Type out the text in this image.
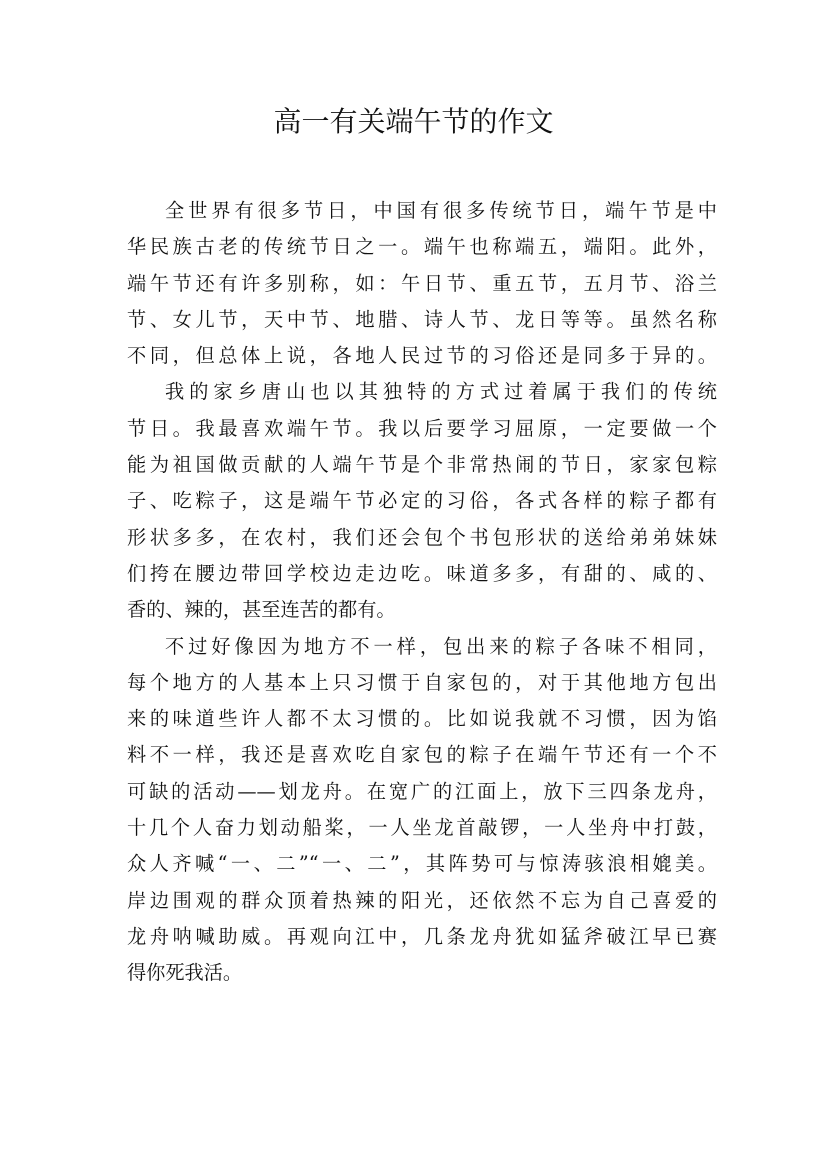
高一有关端午节的作文
全世界有很多节日，中国有很多传统节日，端午节是中
华民族古老的传统节日之一。端午也称端五，端阳。此外，
端午节还有许多别称，如：午日节、重五节，五月节、浴兰
节、女儿节，天中节、地腊、诗人节、龙日等等。虽然名称
不同，但总体上说，各地人民过节的习俗还是同多于异的。
我的家乡唐山也以其独特的方式过着属于我们的传统
节日。我最喜欢端午节。我以后要学习屈原，一定要做一个
能为祖国做贡献的人端午节是个非常热闹的节日，家家包粽
子、吃粽子，这是端午节必定的习俗，各式各样的粽子都有
形状多多，在农村，我们还会包个书包形状的送给弟弟妹妹
们挎在腰边带回学校边走边吃。味道多多，有甜的、咸的、
香的、辣的，甚至连苦的都有。
不过好像因为地方不一样，包出来的粽子各味不相同，
每个地方的人基本上只习惯于自家包的，对于其他地方包出
来的味道些许人都不太习惯的。比如说我就不习惯，因为馅
料不一样，我还是喜欢吃自家包的粽子在端午节还有一个不
可缺的活动——划龙舟。在宽广的江面上，放下三四条龙舟，
十几个人奋力划动船桨，一人坐龙首敲锣，一人坐舟中打鼓，
众人齐喊“一、二”“一、二”，其阵势可与惊涛骇浪相媲美。
岸边围观的群众顶着热辣的阳光，还依然不忘为自己喜爱的
龙舟呐喊助威。再观向江中，几条龙舟犹如猛斧破江早已赛
得你死我活。
